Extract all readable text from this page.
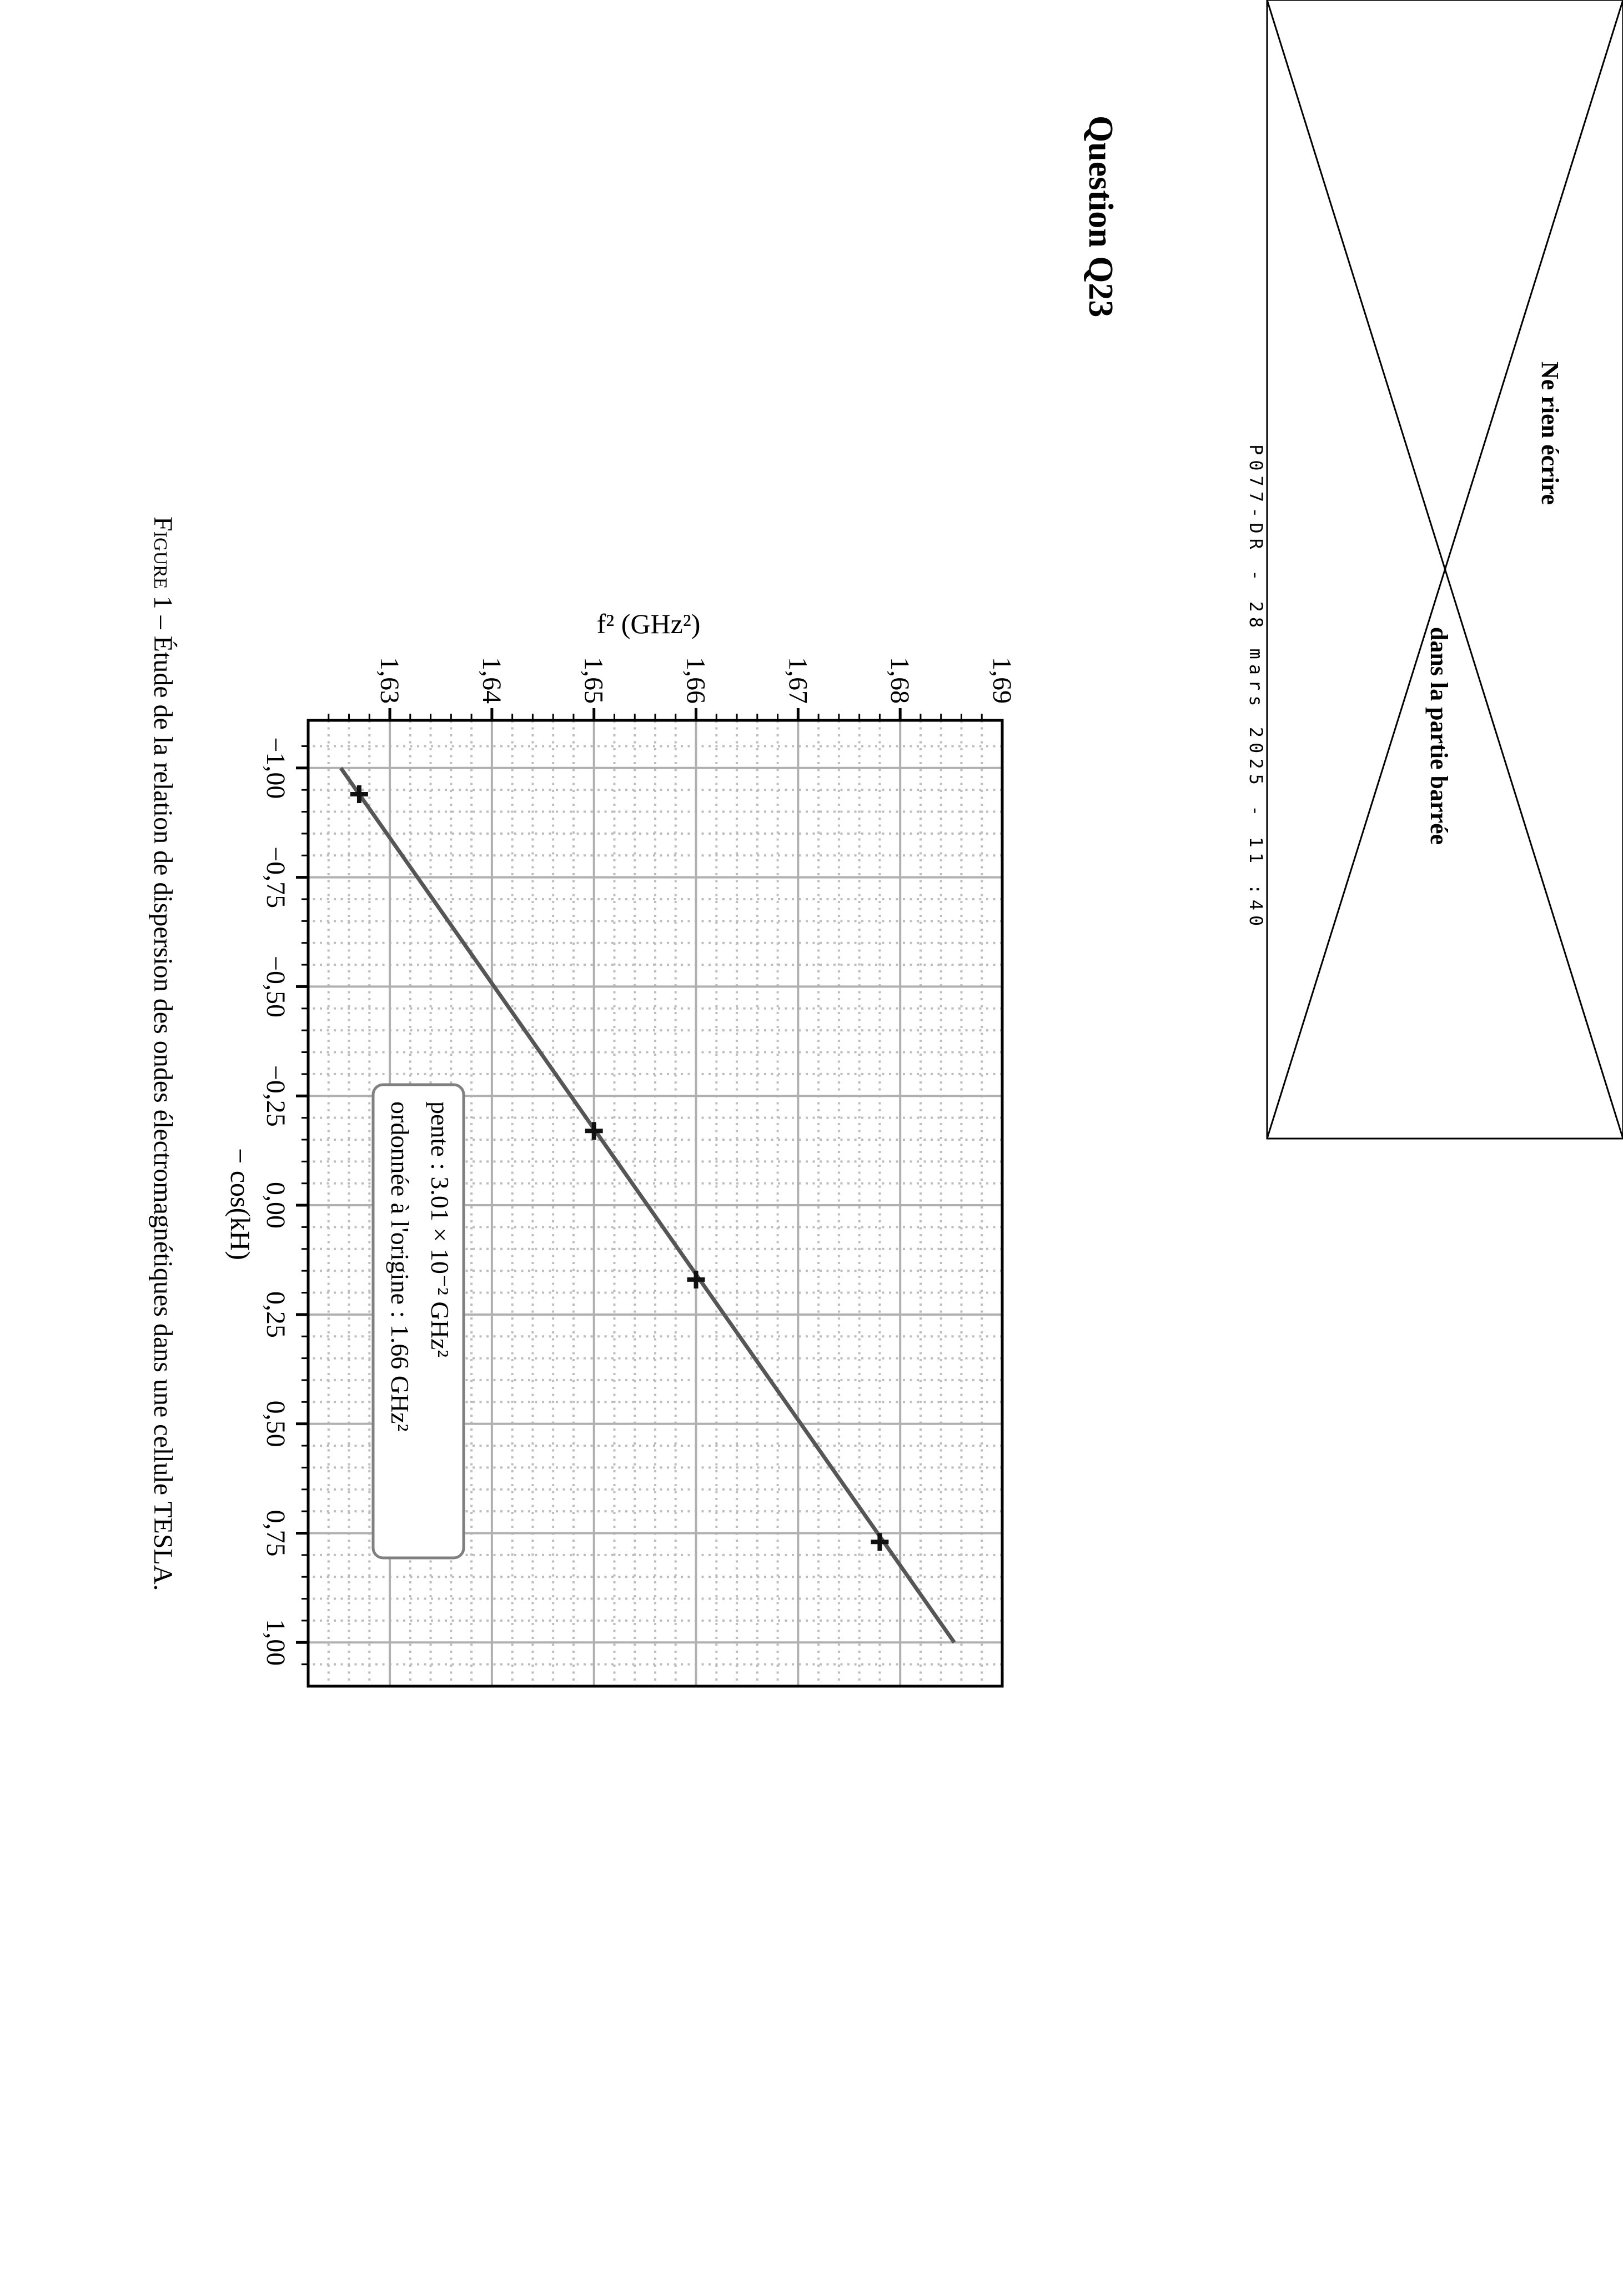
−1,00
−0,75
−0,50
−0,25
0,00
0,25
0,50
0,75
1,00
1,63	1,64	1,65	1,66	1,67	1,68	1,69
pente : 3.01 × 10⁻² GHz²
ordonnée à l'origine : 1.66 GHz²
Ne rien écrire
dans la partie barrée
P077-DR - 28 mars 2025 - 11 :40
Question Q23
f² (GHz²)
− cos(kH)
Figure 1 – Étude de la relation de dispersion des ondes électromagnétiques dans une cellule TESLA.
